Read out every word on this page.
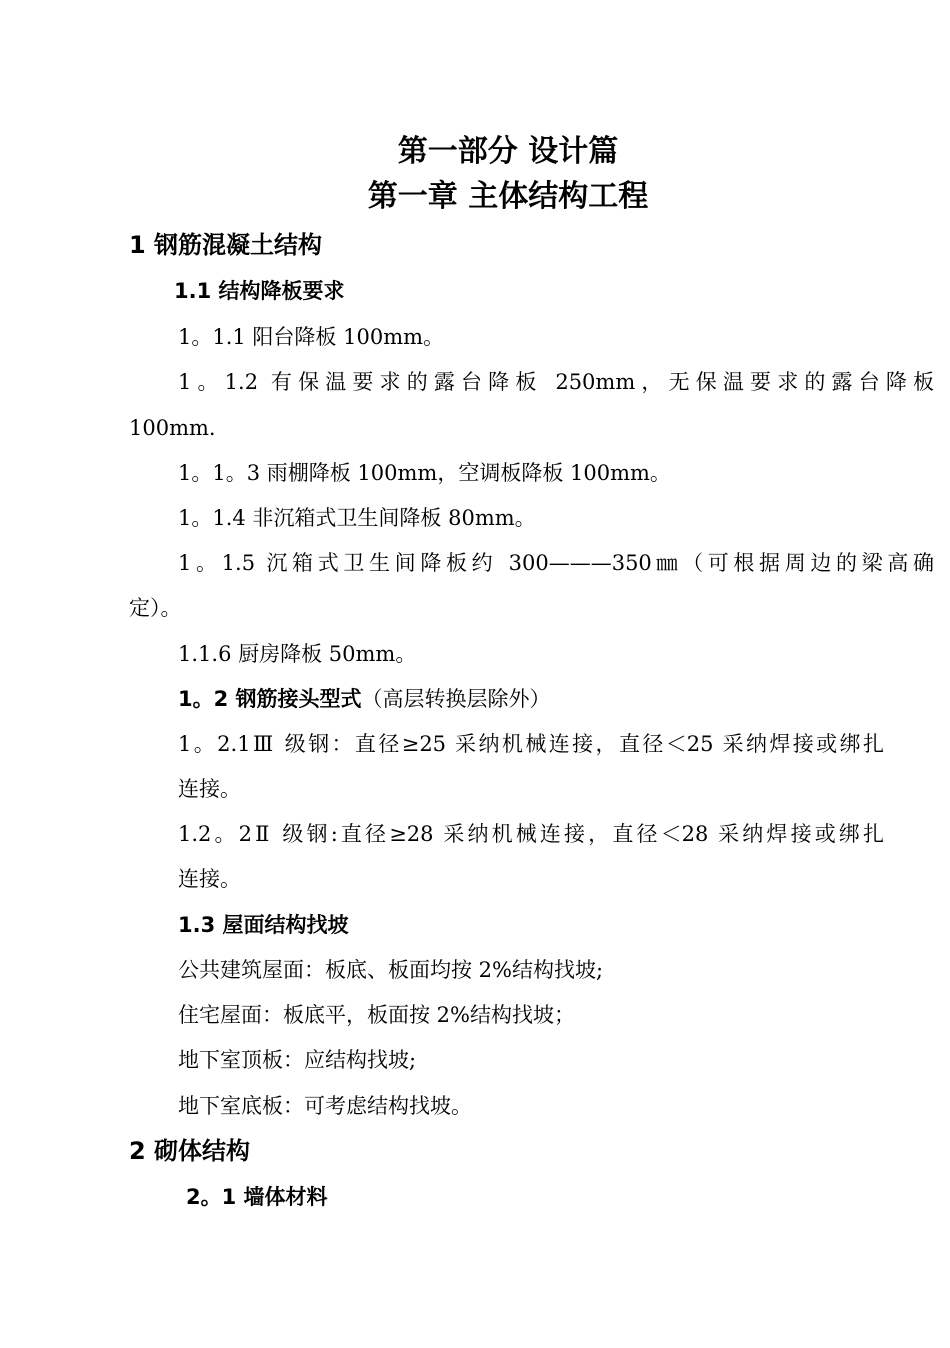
第一部分 设计篇
第一章 主体结构工程
1 钢筋混凝土结构
1.1 结构降板要求
1。1.1 阳台降板 100mm。
1。1.2 有保温要求的露台降板 250mm，无保温要求的露台降板
100mm.
1。1。3 雨棚降板 100mm，空调板降板 100mm。
1。1.4 非沉箱式卫生间降板 80mm。
1。1.5 沉箱式卫生间降板约 300———350㎜（可根据周边的梁高确
定）。
1.1.6 厨房降板 50mm。
1。2 钢筋接头型式（高层转换层除外）
1。2.1Ⅲ 级钢：直径≥25 采纳机械连接，直径＜25 采纳焊接或绑扎
连接。
1.2。2Ⅱ 级钢:直径≥28 采纳机械连接，直径＜28 采纳焊接或绑扎
连接。
1.3 屋面结构找坡
公共建筑屋面：板底、板面均按 2%结构找坡;
住宅屋面：板底平，板面按 2%结构找坡；
地下室顶板：应结构找坡;
地下室底板：可考虑结构找坡。
2 砌体结构
2。1 墙体材料
